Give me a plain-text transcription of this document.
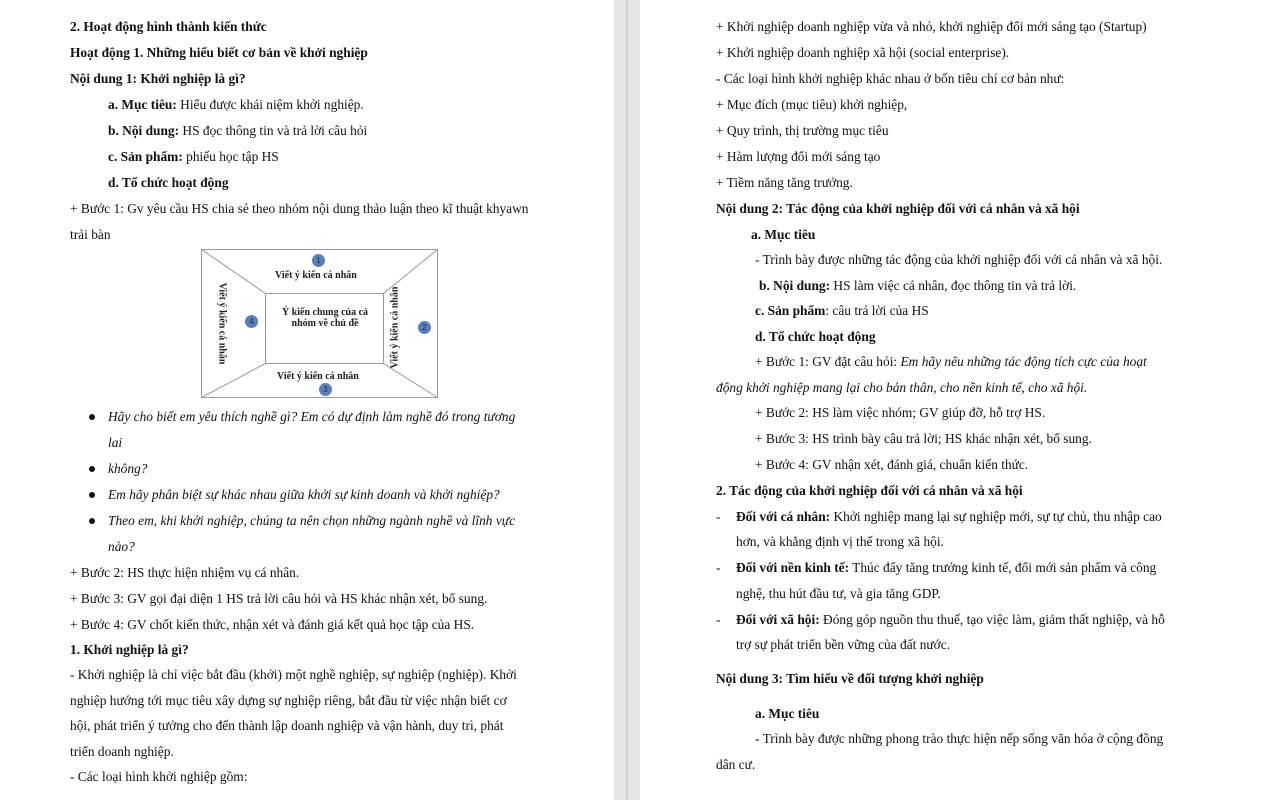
2. Hoạt động hình thành kiến thức
Hoạt động 1. Những hiểu biết cơ bản về khởi nghiệp
Nội dung 1: Khởi nghiệp là gì?
a. Mục tiêu: Hiểu được khái niệm khởi nghiệp.
b. Nội dung: HS đọc thông tin và trả lời câu hỏi
c. Sản phẩm: phiếu học tập HS
d. Tổ chức hoạt động
+ Bước 1: Gv yêu cầu HS chia sẻ theo nhóm nội dung thảo luận theo kĩ thuật khyawn
trải bàn
1
Viết ý kiến cá nhân
Ý kiến chung của cả nhóm về chủ đề
Viết ý kiến cá nhân
3
Viết ý kiến cá nhân	4	Viết ý kiến cá nhân	2
Hãy cho biết em yêu thích nghề gì? Em có dự định làm nghề đó trong tương
lai
không?
Em hãy phân biệt sự khác nhau giữa khởi sự kinh doanh và khởi nghiệp?
Theo em, khi khởi nghiệp, chúng ta nên chọn những ngành nghề và lĩnh vực
nào?
+ Bước 2: HS thực hiện nhiệm vụ cá nhân.
+ Bước 3: GV gọi đại diện 1 HS trả lời câu hỏi và HS khác nhận xét, bổ sung.
+ Bước 4: GV chốt kiến thức, nhận xét và đánh giá kết quả học tập của HS.
1. Khởi nghiệp là gì?
- Khởi nghiệp là chỉ việc bắt đầu (khởi) một nghề nghiệp, sự nghiệp (nghiệp). Khởi
nghiệp hướng tới mục tiêu xây dựng sự nghiệp riêng, bắt đầu từ việc nhận biết cơ
hội, phát triển ý tưởng cho đến thành lập doanh nghiệp và vận hành, duy trì, phát
triển doanh nghiệp.
- Các loại hình khởi nghiệp gồm:
+ Khởi nghiệp doanh nghiệp vừa và nhỏ, khởi nghiệp đổi mới sáng tạo (Startup)
+ Khởi nghiệp doanh nghiệp xã hội (social enterprise).
- Các loại hình khởi nghiệp khác nhau ở bốn tiêu chí cơ bản như:
+ Mục đích (mục tiêu) khởi nghiệp,
+ Quy trình, thị trường mục tiêu
+ Hàm lượng đổi mới sáng tạo
+ Tiềm năng tăng trưởng.
Nội dung 2: Tác động của khởi nghiệp đối với cá nhân và xã hội
a. Mục tiêu
- Trình bày được những tác động của khởi nghiệp đối với cá nhân và xã hội.
b. Nội dung: HS làm việc cá nhân, đọc thông tin và trả lời.
c. Sản phẩm: câu trả lời của HS
d. Tổ chức hoạt động
+ Bước 1: GV đặt câu hỏi: Em hãy nêu những tác động tích cực của hoạt
động khởi nghiệp mang lại cho bản thân, cho nền kinh tế, cho xã hội.
+ Bước 2: HS làm việc nhóm; GV giúp đỡ, hỗ trợ HS.
+ Bước 3: HS trình bày câu trả lời; HS khác nhận xét, bổ sung.
+ Bước 4: GV nhận xét, đánh giá, chuẩn kiến thức.
2. Tác động của khởi nghiệp đối với cá nhân và xã hội
- Đối với cá nhân: Khởi nghiệp mang lại sự nghiệp mới, sự tự chủ, thu nhập cao
hơn, và khẳng định vị thế trong xã hội.
- Đối với nền kinh tế: Thúc đẩy tăng trưởng kinh tế, đổi mới sản phẩm và công
nghệ, thu hút đầu tư, và gia tăng GDP.
- Đối với xã hội: Đóng góp nguồn thu thuế, tạo việc làm, giảm thất nghiệp, và hỗ
trợ sự phát triển bền vững của đất nước.
Nội dung 3: Tìm hiểu về đối tượng khởi nghiệp
a. Mục tiêu
- Trình bày được những phong trào thực hiện nếp sống văn hóa ở cộng đồng
dân cư.
